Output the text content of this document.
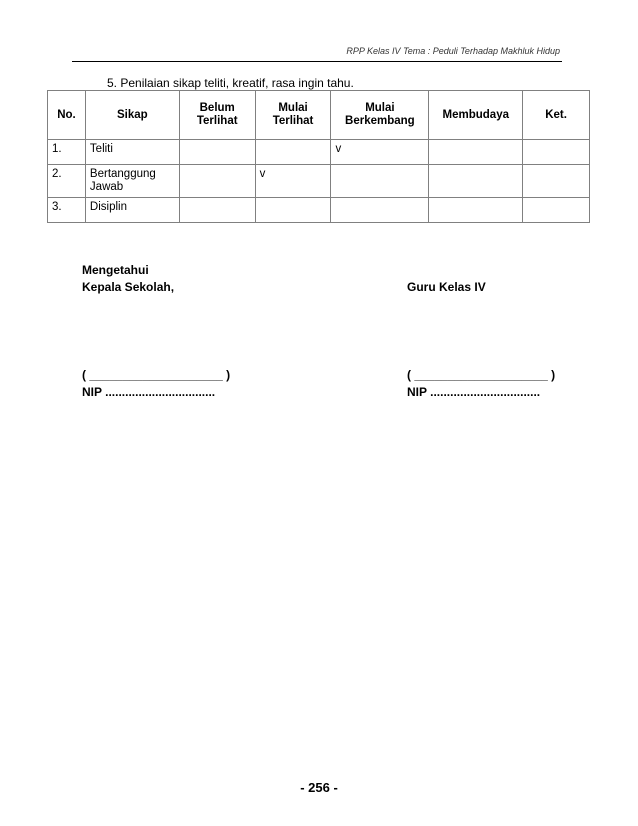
RPP Kelas IV Tema : Peduli Terhadap Makhluk Hidup
5. Penilaian sikap teliti, kreatif, rasa ingin tahu.
No.	Sikap	Belum Terlihat	Mulai Terlihat	Mulai Berkembang	Membudaya	Ket.
1.	Teliti			v		
2.	Bertanggung Jawab		v			
3.	Disiplin					
Mengetahui
Kepala Sekolah,	Guru Kelas IV
( ____________________ )
NIP .................................
( ____________________ )
NIP .................................
- 256 -
